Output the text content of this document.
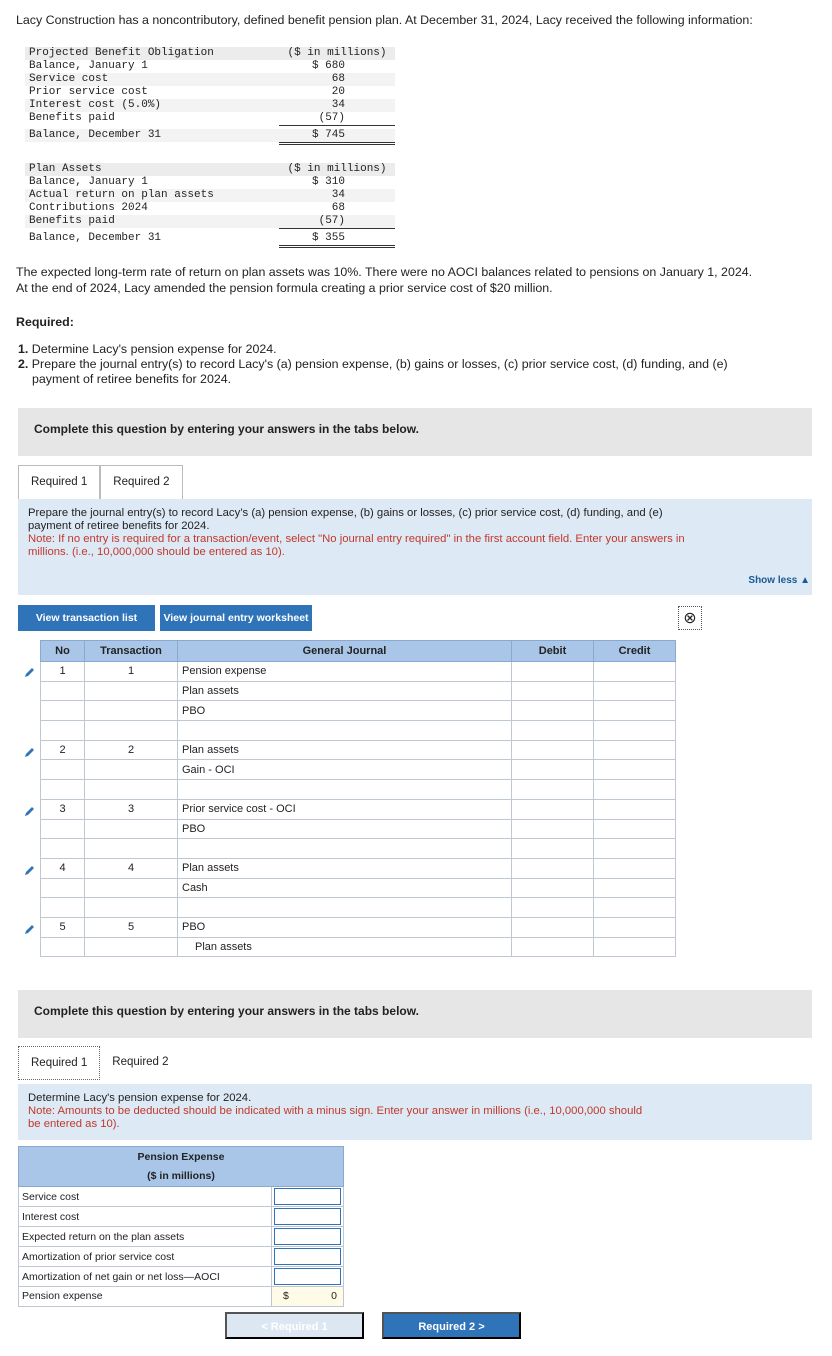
Lacy Construction has a noncontributory, defined benefit pension plan. At December 31, 2024, Lacy received the following information:
Projected Benefit Obligation	($ in millions)
Balance, January 1	$ 680
Service cost	68
Prior service cost	20
Interest cost (5.0%)	34
Benefits paid	(57)
Balance, December 31	$ 745
Plan Assets	($ in millions)
Balance, January 1	$ 310
Actual return on plan assets	34
Contributions 2024	68
Benefits paid	(57)
Balance, December 31	$ 355
The expected long-term rate of return on plan assets was 10%. There were no AOCI balances related to pensions on January 1, 2024.
At the end of 2024, Lacy amended the pension formula creating a prior service cost of $20 million.
Required:
1. Determine Lacy's pension expense for 2024.
2. Prepare the journal entry(s) to record Lacy's (a) pension expense, (b) gains or losses, (c) prior service cost, (d) funding, and (e)
payment of retiree benefits for 2024.
Complete this question by entering your answers in the tabs below.
Required 1	Required 2
Prepare the journal entry(s) to record Lacy’s (a) pension expense, (b) gains or losses, (c) prior service cost, (d) funding, and (e)
payment of retiree benefits for 2024.
Note: If no entry is required for a transaction/event, select "No journal entry required" in the first account field. Enter your answers in
millions. (i.e., 10,000,000 should be entered as 10).
Show less ▲
View transaction list	View journal entry worksheet	⊗
No	Transaction	General Journal	Debit	Credit
1	1	Pension expense		
		Plan assets		
		PBO		

2	2	Plan assets		
		Gain - OCI		

3	3	Prior service cost - OCI		
		PBO		

4	4	Plan assets		
		Cash		

5	5	PBO		
		Plan assets		
Complete this question by entering your answers in the tabs below.
Required 1	Required 2
Determine Lacy's pension expense for 2024.
Note: Amounts to be deducted should be indicated with a minus sign. Enter your answer in millions (i.e., 10,000,000 should
be entered as 10).
Pension Expense
($ in millions)	
Service cost	

Interest cost	

Expected return on the plan assets	

Amortization of prior service cost	

Amortization of net gain or net loss—AOCI	

Pension expense	$ 0
< Required 1	Required 2 >
